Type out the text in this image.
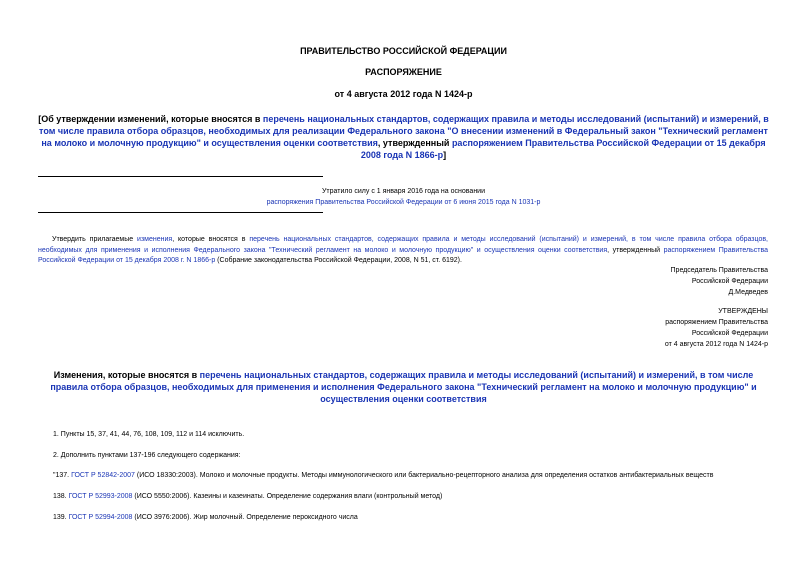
ПРАВИТЕЛЬСТВО РОССИЙСКОЙ ФЕДЕРАЦИИ
РАСПОРЯЖЕНИЕ
от 4 августа 2012 года N 1424-р
[Об утверждении изменений, которые вносятся в перечень национальных стандартов, содержащих правила и методы исследований (испытаний) и измерений, в том числе правила отбора образцов, необходимых для реализации Федерального закона "О внесении изменений в Федеральный закон "Технический регламент на молоко и молочную продукцию" и осуществления оценки соответствия, утвержденный распоряжением Правительства Российской Федерации от 15 декабря 2008 года N 1866-р]
Утратило силу с 1 января 2016 года на основании
распоряжения Правительства Российской Федерации от 6 июня 2015 года N 1031-р
Утвердить прилагаемые изменения, которые вносятся в перечень национальных стандартов, содержащих правила и методы исследований (испытаний) и измерений, в том числе правила отбора образцов, необходимых для применения и исполнения Федерального закона "Технический регламент на молоко и молочную продукцию" и осуществления оценки соответствия, утвержденный распоряжением Правительства Российской Федерации от 15 декабря 2008 г. N 1866-р (Собрание законодательства Российской Федерации, 2008, N 51, ст. 6192).
Председатель Правительства
Российской Федерации
Д.Медведев
УТВЕРЖДЕНЫ
распоряжением Правительства
Российской Федерации
от 4 августа 2012 года N 1424-р
Изменения, которые вносятся в перечень национальных стандартов, содержащих правила и методы исследований (испытаний) и измерений, в том числе правила отбора образцов, необходимых для применения и исполнения Федерального закона "Технический регламент на молоко и молочную продукцию" и осуществления оценки соответствия
1. Пункты 15, 37, 41, 44, 76, 108, 109, 112 и 114 исключить.
2. Дополнить пунктами 137-196 следующего содержания:
"137. ГОСТ Р 52842-2007 (ИСО 18330:2003). Молоко и молочные продукты. Методы иммунологического или бактериально-рецепторного анализа для определения остатков антибактериальных веществ
138. ГОСТ Р 52993-2008 (ИСО 5550:2006). Казеины и казеинаты. Определение содержания влаги (контрольный метод)
139. ГОСТ Р 52994-2008 (ИСО 3976:2006). Жир молочный. Определение пероксидного числа
